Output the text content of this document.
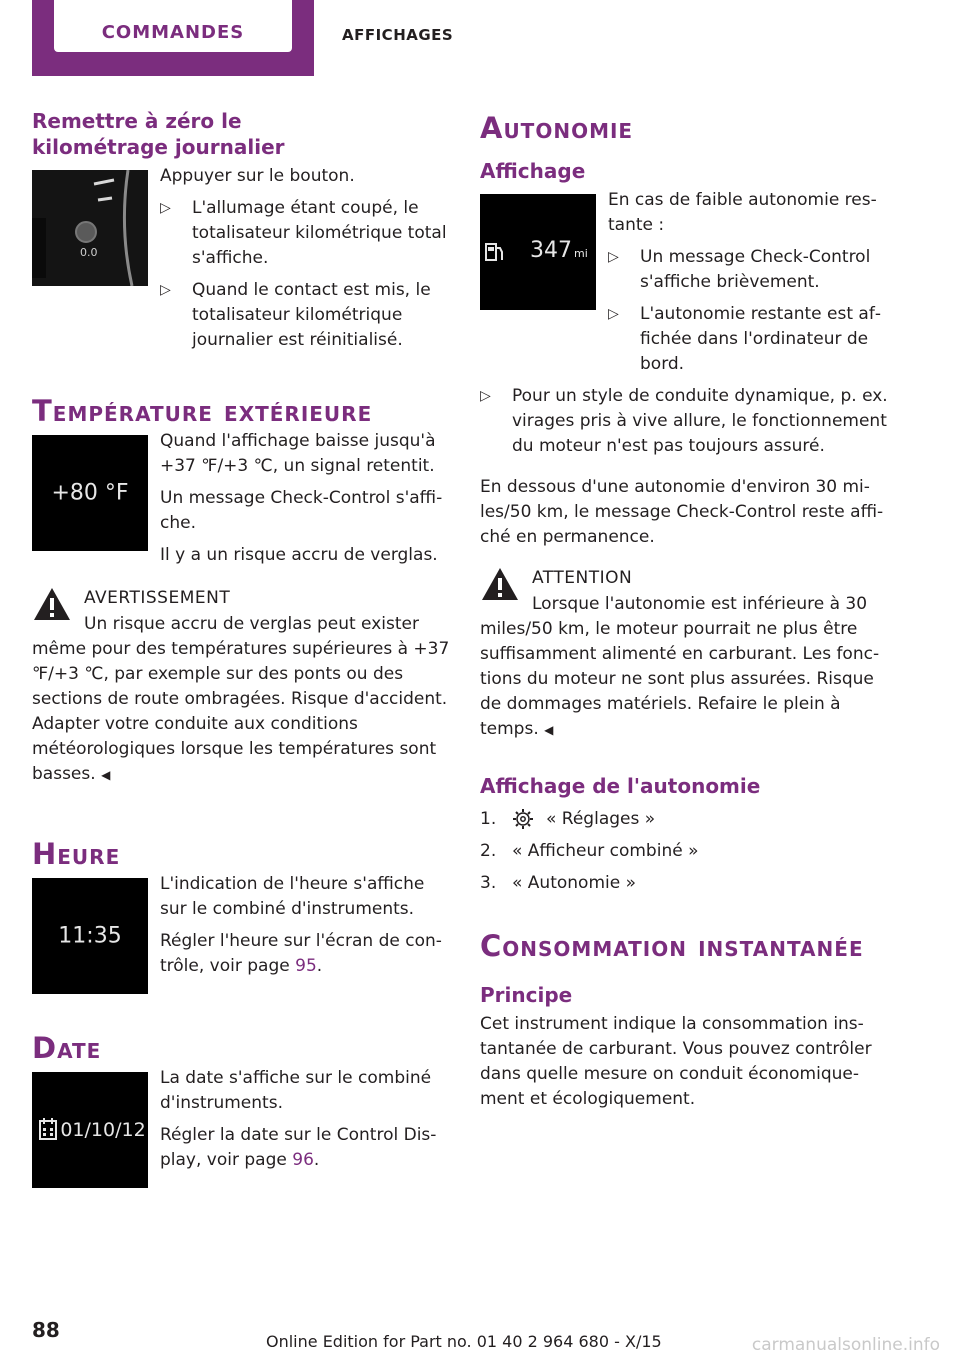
COMMANDES	AFFICHAGES
Remettre à zéro le kilométrage journalier
0.0

Appuyer sur le bouton.

▷ L'allumage étant coupé, le totalisateur kilométrique total s'affiche.
▷ Quand le contact est mis, le totalisateur kilométrique journalier est réinitialisé.
Température extérieure
+80 °F

Quand l'affichage baisse jusqu'à +37 ℉/+3 ℃, un signal retentit.

Un message Check-Control s'affiche.

Il y a un risque accru de verglas.

AVERTISSEMENT

Un risque accru de verglas peut exister même pour des températures supérieures à +37 ℉/+3 ℃, par exemple sur des ponts ou des sections de route ombragées. Risque d'accident. Adapter votre conduite aux conditions météorologiques lorsque les températures sont basses. ◀

Heure
11:35

L'indication de l'heure s'affiche sur le combiné d'instruments.

Régler l'heure sur l'écran de contrôle, voir page 95.

Date
01/10/12

La date s'affiche sur le combiné d'instruments.

Régler la date sur le Control Display, voir page 96.

Autonomie
Affichage
347 mi

En cas de faible autonomie restante :

▷ Un message Check-Control s'affiche brièvement.
▷ L'autonomie restante est affichée dans l'ordinateur de bord.
▷ Pour un style de conduite dynamique, p. ex. virages pris à vive allure, le fonctionnement du moteur n'est pas toujours assuré.

En dessous d'une autonomie d'environ 30 miles/50 km, le message Check-Control reste affiché en permanence.

ATTENTION

Lorsque l'autonomie est inférieure à 30 miles/50 km, le moteur pourrait ne plus être suffisamment alimenté en carburant. Les fonctions du moteur ne sont plus assurées. Risque de dommages matériels. Refaire le plein à temps. ◀

Affichage de l'autonomie
1.	« Réglages »
2. « Afficheur combiné »
3. « Autonomie »
Consommation instantanée
Principe

Cet instrument indique la consommation instantanée de carburant. Vous pouvez contrôler dans quelle mesure on conduit économiquement et écologiquement.

88	Online Edition for Part no. 01 40 2 964 680 - X/15	carmanualsonline.info
